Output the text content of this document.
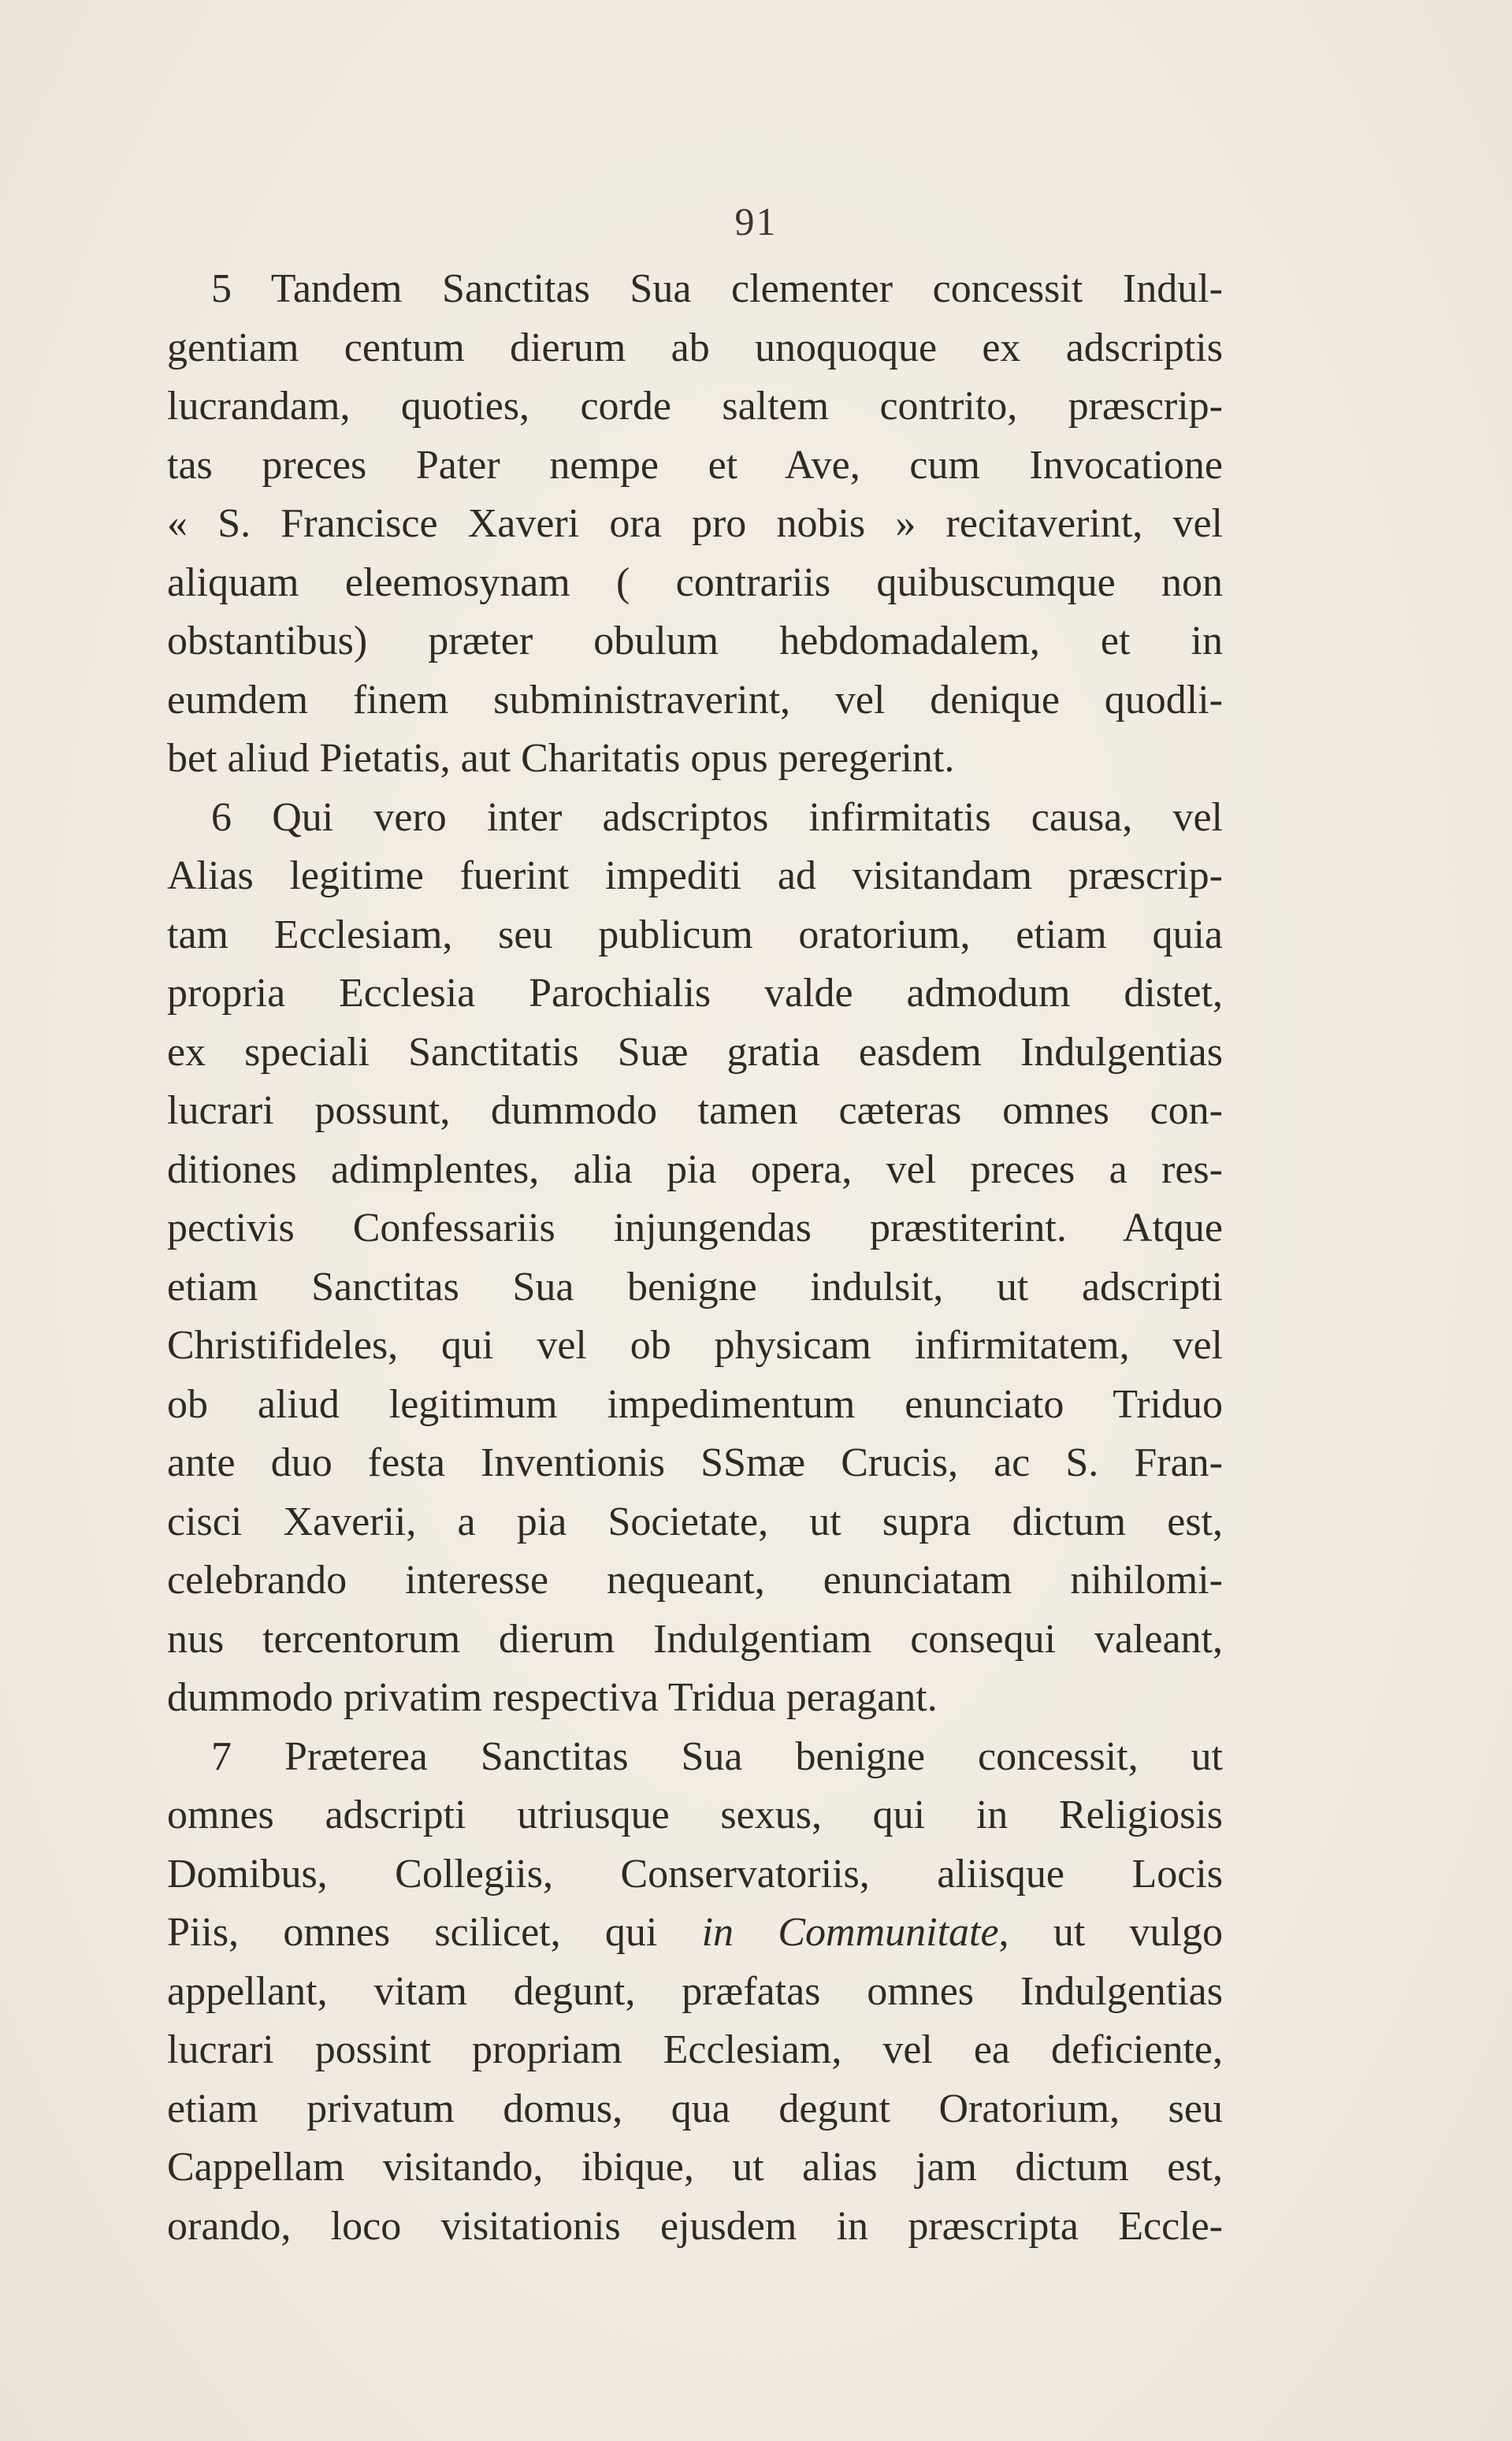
91
5 Tandem Sanctitas Sua clementer concessit Indul-
gentiam centum dierum ab unoquoque ex adscriptis
lucrandam, quoties, corde saltem contrito, præscrip-
tas preces Pater nempe et Ave, cum Invocatione
« S. Francisce Xaveri ora pro nobis » recitaverint, vel
aliquam eleemosynam ( contrariis quibuscumque non
obstantibus) præter obulum hebdomadalem, et in
eumdem finem subministraverint, vel denique quodli-
bet aliud Pietatis, aut Charitatis opus peregerint.
6 Qui vero inter adscriptos infirmitatis causa, vel
Alias legitime fuerint impediti ad visitandam præscrip-
tam Ecclesiam, seu publicum oratorium, etiam quia
propria Ecclesia Parochialis valde admodum distet,
ex speciali Sanctitatis Suæ gratia easdem Indulgentias
lucrari possunt, dummodo tamen cæteras omnes con-
ditiones adimplentes, alia pia opera, vel preces a res-
pectivis Confessariis injungendas præstiterint. Atque
etiam Sanctitas Sua benigne indulsit, ut adscripti
Christifideles, qui vel ob physicam infirmitatem, vel
ob aliud legitimum impedimentum enunciato Triduo
ante duo festa Inventionis SSmæ Crucis, ac S. Fran-
cisci Xaverii, a pia Societate, ut supra dictum est,
celebrando interesse nequeant, enunciatam nihilomi-
nus tercentorum dierum Indulgentiam consequi valeant,
dummodo privatim respectiva Tridua peragant.
7 Præterea Sanctitas Sua benigne concessit, ut
omnes adscripti utriusque sexus, qui in Religiosis
Domibus, Collegiis, Conservatoriis, aliisque Locis
Piis, omnes scilicet, qui in Communitate, ut vulgo
appellant, vitam degunt, præfatas omnes Indulgentias
lucrari possint propriam Ecclesiam, vel ea deficiente,
etiam privatum domus, qua degunt Oratorium, seu
Cappellam visitando, ibique, ut alias jam dictum est,
orando, loco visitationis ejusdem in præscripta Eccle-
